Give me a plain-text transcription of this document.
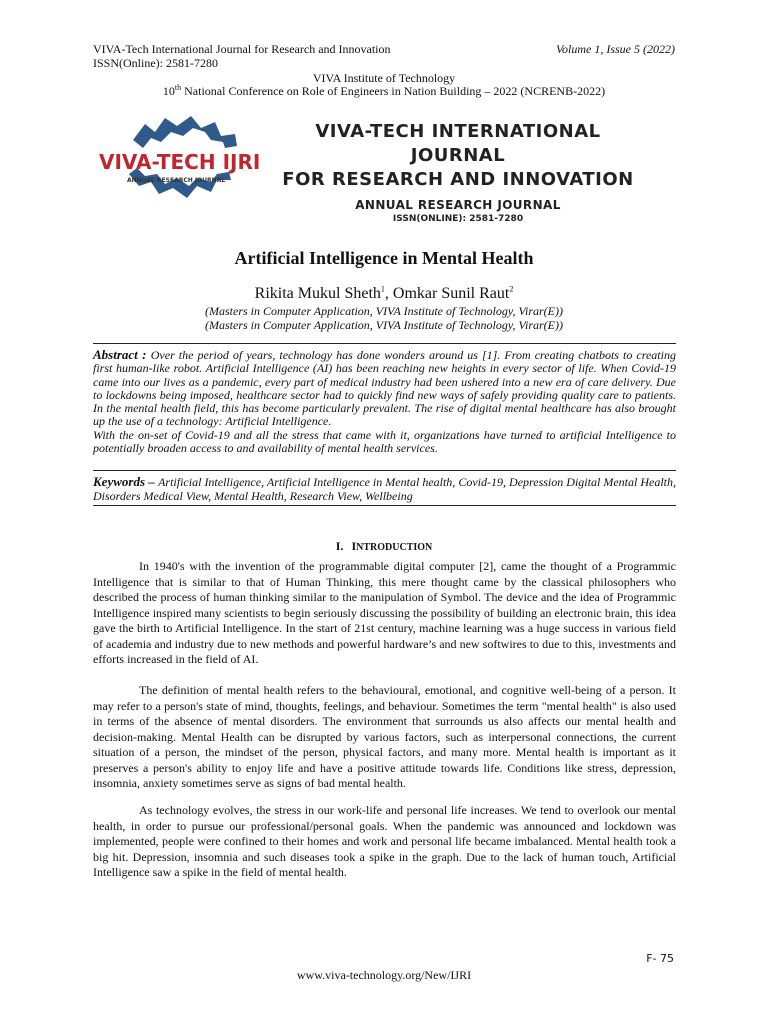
VIVA-Tech International Journal for Research and Innovation	Volume 1, Issue 5 (2022)
ISSN(Online): 2581-7280
VIVA Institute of Technology
10th National Conference on Role of Engineers in Nation Building – 2022 (NCRENB-2022)
VIVA-TECH IJRI
ANNUAL RESEARCH JOURNAL
VIVA-TECH INTERNATIONAL JOURNAL
FOR RESEARCH AND INNOVATION
ANNUAL RESEARCH JOURNAL
ISSN(ONLINE): 2581-7280
Artificial Intelligence in Mental Health
Rikita Mukul Sheth$^1$, Omkar Sunil Raut$^2$
(Masters in Computer Application, VIVA Institute of Technology, Virar(E))
(Masters in Computer Application, VIVA Institute of Technology, Virar(E))

Abstract : Over the period of years, technology has done wonders around us [1]. From creating chatbots to creating first human-like robot. Artificial Intelligence (AI) has been reaching new heights in every sector of life. When Covid-19 came into our lives as a pandemic, every part of medical industry had been ushered into a new era of care delivery. Due to lockdowns being imposed, healthcare sector had to quickly find new ways of safely providing quality care to patients. In the mental health field, this has become particularly prevalent. The rise of digital mental healthcare has also brought up the use of a technology: Artificial Intelligence.

With the on-set of Covid-19 and all the stress that came with it, organizations have turned to artificial Intelligence to potentially broaden access to and availability of mental health services.

Keywords – Artificial Intelligence, Artificial Intelligence in Mental health, Covid-19, Depression Digital Mental Health, Disorders Medical View, Mental Health, Research View, Wellbeing
I. INTRODUCTION

In 1940's with the invention of the programmable digital computer [2], came the thought of a Programmic Intelligence that is similar to that of Human Thinking, this mere thought came by the classical philosophers who described the process of human thinking similar to the manipulation of Symbol. The device and the idea of Programmic Intelligence inspired many scientists to begin seriously discussing the possibility of building an electronic brain, this idea gave the birth to Artificial Intelligence. In the start of 21st century, machine learning was a huge success in various field of academia and industry due to new methods and powerful hardware’s and new softwires to due to this, investments and efforts increased in the field of AI.

The definition of mental health refers to the behavioural, emotional, and cognitive well-being of a person. It may refer to a person's state of mind, thoughts, feelings, and behaviour. Sometimes the term "mental health" is also used in terms of the absence of mental disorders. The environment that surrounds us also affects our mental health and decision-making. Mental Health can be disrupted by various factors, such as interpersonal connections, the current situation of a person, the mindset of the person, physical factors, and many more. Mental health is important as it preserves a person's ability to enjoy life and have a positive attitude towards life. Conditions like stress, depression, insomnia, anxiety sometimes serve as signs of bad mental health.

As technology evolves, the stress in our work-life and personal life increases. We tend to overlook our mental health, in order to pursue our professional/personal goals. When the pandemic was announced and lockdown was implemented, people were confined to their homes and work and personal life became imbalanced. Mental health took a big hit. Depression, insomnia and such diseases took a spike in the graph. Due to the lack of human touch, Artificial Intelligence saw a spike in the field of mental health.

F- 75
www.viva-technology.org/New/IJRI
